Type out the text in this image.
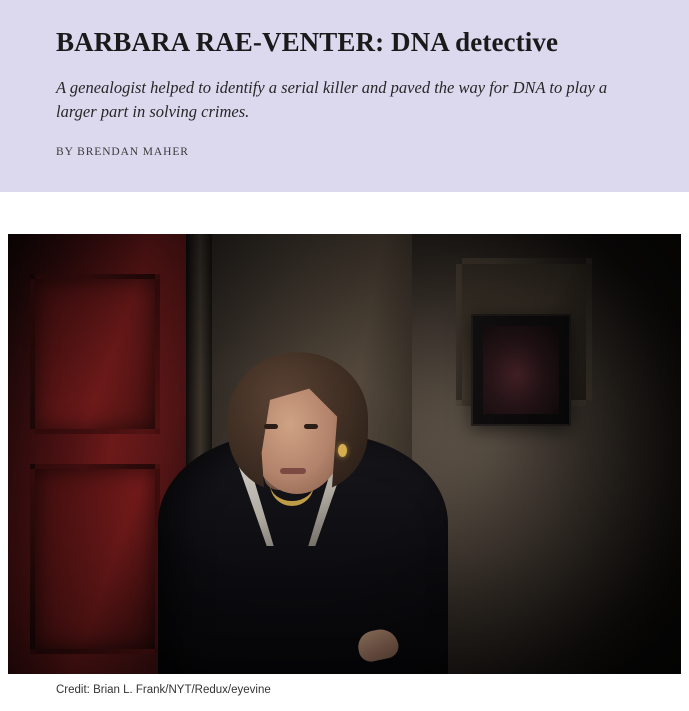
BARBARA RAE-VENTER: DNA detective

A genealogist helped to identify a serial killer and paved the way for DNA to play a larger part in solving crimes.

BY BRENDAN MAHER

Credit: Brian L. Frank/NYT/Redux/eyevine
